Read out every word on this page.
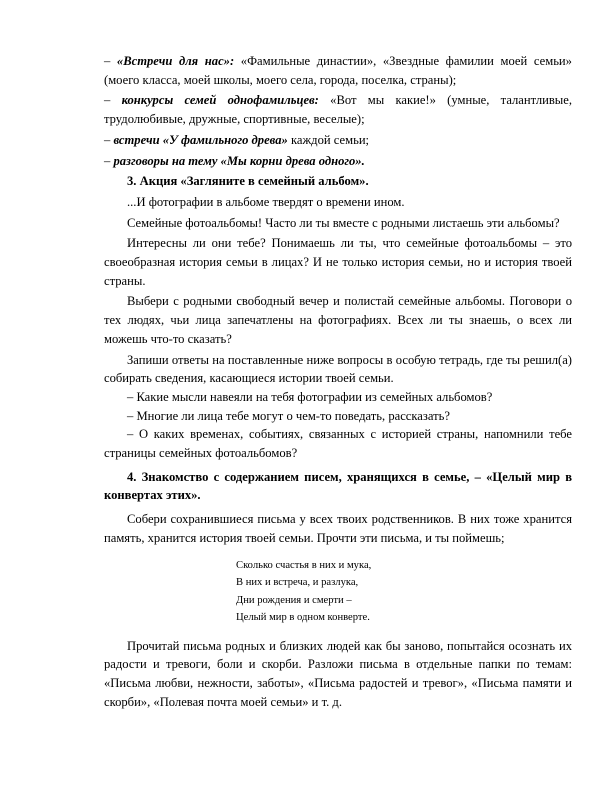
– «Встречи для нас»: «Фамильные династии», «Звездные фамилии моей семьи» (моего класса, моей школы, моего села, города, поселка, страны);

– конкурсы семей однофамильцев: «Вот мы какие!» (умные, талантливые, трудолюбивые, дружные, спортивные, веселые);

– встречи «У фамильного древа» каждой семьи;

– разговоры на тему «Мы корни древа одного».

3. Акция «Загляните в семейный альбом».

...И фотографии в альбоме твердят о времени ином.

Семейные фотоальбомы! Часто ли ты вместе с родными листаешь эти альбомы?

Интересны ли они тебе? Понимаешь ли ты, что семейные фотоальбомы – это своеобразная история семьи в лицах? И не только история семьи, но и история твоей страны.

Выбери с родными свободный вечер и полистай семейные альбомы. Поговори о тех людях, чьи лица запечатлены на фотографиях. Всех ли ты знаешь, о всех ли можешь что-то сказать?

Запиши ответы на поставленные ниже вопросы в особую тетрадь, где ты решил(а) собирать сведения, касающиеся истории твоей семьи.

– Какие мысли навеяли на тебя фотографии из семейных альбомов?

– Многие ли лица тебе могут о чем-то поведать, рассказать?

– О каких временах, событиях, связанных с историей страны, напомнили тебе страницы семейных фотоальбомов?

4. Знакомство с содержанием писем, хранящихся в семье, – «Целый мир в конвертах этих».

Собери сохранившиеся письма у всех твоих родственников. В них тоже хранится память, хранится история твоей семьи. Прочти эти письма, и ты поймешь;

Сколько счастья в них и мука,
В них и встреча, и разлука,
Дни рождения и смерти –
Целый мир в одном конверте.

Прочитай письма родных и близких людей как бы заново, попытайся осознать их радости и тревоги, боли и скорби. Разложи письма в отдельные папки по темам: «Письма любви, нежности, заботы», «Письма радостей и тревог», «Письма памяти и скорби», «Полевая почта моей семьи» и т. д.
